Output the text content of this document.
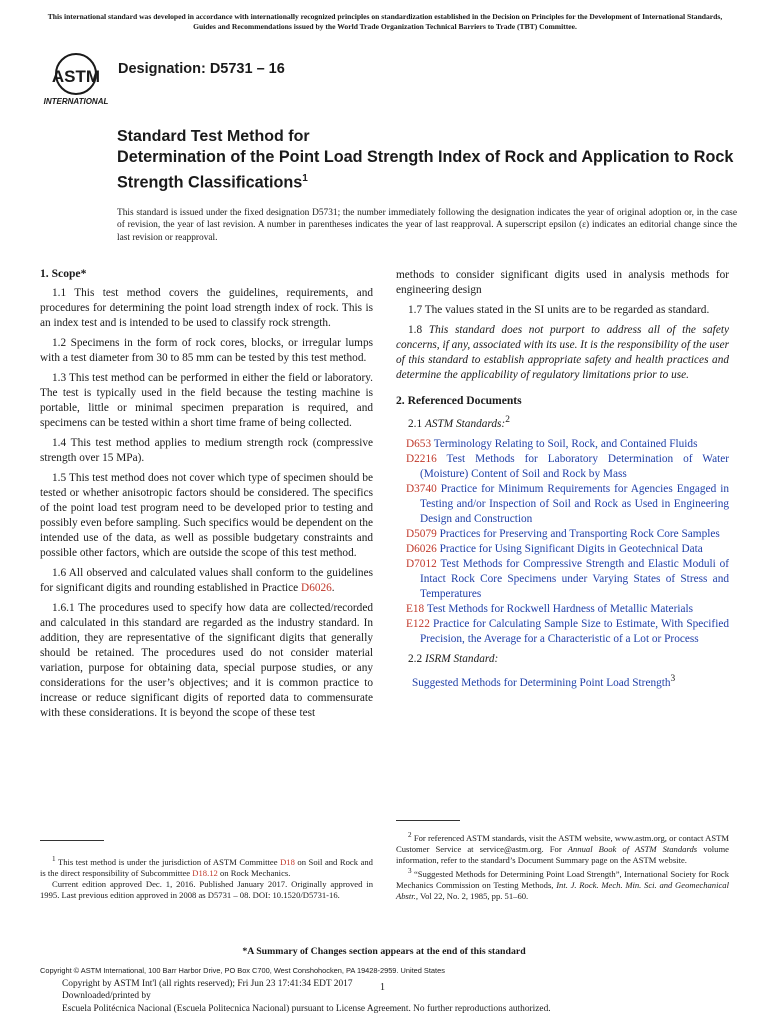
This international standard was developed in accordance with internationally recognized principles on standardization established in the Decision on Principles for the Development of International Standards, Guides and Recommendations issued by the World Trade Organization Technical Barriers to Trade (TBT) Committee.
ASTM
INTERNATIONAL
Designation: D5731 – 16
Standard Test Method for
Determination of the Point Load Strength Index of Rock and Application to Rock Strength Classifications$^1$
This standard is issued under the fixed designation D5731; the number immediately following the designation indicates the year of original adoption or, in the case of revision, the year of last revision. A number in parentheses indicates the year of last reapproval. A superscript epsilon (ε) indicates an editorial change since the last revision or reapproval.
1. Scope*

1.1 This test method covers the guidelines, requirements, and procedures for determining the point load strength index of rock. This is an index test and is intended to be used to classify rock strength.

1.2 Specimens in the form of rock cores, blocks, or irregular lumps with a test diameter from 30 to 85 mm can be tested by this test method.

1.3 This test method can be performed in either the field or laboratory. The test is typically used in the field because the testing machine is portable, little or minimal specimen preparation is required, and specimens can be tested within a short time frame of being collected.

1.4 This test method applies to medium strength rock (compressive strength over 15 MPa).

1.5 This test method does not cover which type of specimen should be tested or whether anisotropic factors should be considered. The specifics of the point load test program need to be developed prior to testing and possibly even before sampling. Such specifics would be dependent on the intended use of the data, as well as possible budgetary constraints and possible other factors, which are outside the scope of this test method.

1.6 All observed and calculated values shall conform to the guidelines for significant digits and rounding established in Practice D6026.

1.6.1 The procedures used to specify how data are collected/recorded and calculated in this standard are regarded as the industry standard. In addition, they are representative of the significant digits that generally should be retained. The procedures used do not consider material variation, purpose for obtaining data, special purpose studies, or any considerations for the user’s objectives; and it is common practice to increase or reduce significant digits of reported data to commensurate with these considerations. It is beyond the scope of these test

methods to consider significant digits used in analysis methods for engineering design

1.7 The values stated in the SI units are to be regarded as standard.

1.8 This standard does not purport to address all of the safety concerns, if any, associated with its use. It is the responsibility of the user of this standard to establish appropriate safety and health practices and determine the applicability of regulatory limitations prior to use.

2. Referenced Documents

2.1 ASTM Standards:$^2$

D653 Terminology Relating to Soil, Rock, and Contained Fluids
D2216 Test Methods for Laboratory Determination of Water (Moisture) Content of Soil and Rock by Mass
D3740 Practice for Minimum Requirements for Agencies Engaged in Testing and/or Inspection of Soil and Rock as Used in Engineering Design and Construction
D5079 Practices for Preserving and Transporting Rock Core Samples
D6026 Practice for Using Significant Digits in Geotechnical Data
D7012 Test Methods for Compressive Strength and Elastic Moduli of Intact Rock Core Specimens under Varying States of Stress and Temperatures
E18 Test Methods for Rockwell Hardness of Metallic Materials
E122 Practice for Calculating Sample Size to Estimate, With Specified Precision, the Average for a Characteristic of a Lot or Process

2.2 ISRM Standard:

Suggested Methods for Determining Point Load Strength$^3$

$^1$ This test method is under the jurisdiction of ASTM Committee D18 on Soil and Rock and is the direct responsibility of Subcommittee D18.12 on Rock Mechanics.
Current edition approved Dec. 1, 2016. Published January 2017. Originally approved in 1995. Last previous edition approved in 2008 as D5731 – 08. DOI: 10.1520/D5731-16.
$^2$ For referenced ASTM standards, visit the ASTM website, www.astm.org, or contact ASTM Customer Service at service@astm.org. For Annual Book of ASTM Standards volume information, refer to the standard’s Document Summary page on the ASTM website.
$^3$ “Suggested Methods for Determining Point Load Strength”, International Society for Rock Mechanics Commission on Testing Methods, Int. J. Rock. Mech. Min. Sci. and Geomechanical Abstr., Vol 22, No. 2, 1985, pp. 51–60.
*A Summary of Changes section appears at the end of this standard
Copyright © ASTM International, 100 Barr Harbor Drive, PO Box C700, West Conshohocken, PA 19428-2959. United States
Copyright by ASTM Int'l (all rights reserved); Fri Jun 23 17:41:34 EDT 2017
Downloaded/printed by
Escuela Politécnica Nacional (Escuela Politecnica Nacional) pursuant to License Agreement. No further reproductions authorized.
1
